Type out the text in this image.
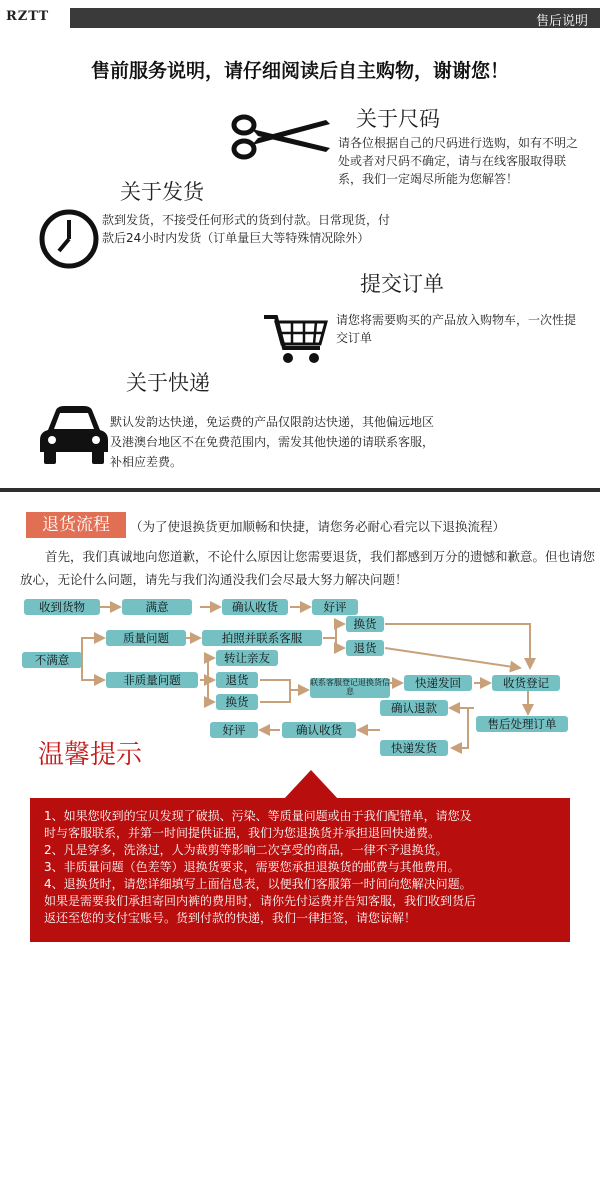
RZTT	售后说明
售前服务说明，请仔细阅读后自主购物，谢谢您！
关于尺码
请各位根据自己的尺码进行选购，如有不明之处或者对尺码不确定，请与在线客服取得联系，我们一定竭尽所能为您解答！
关于发货
款到发货，不接受任何形式的货到付款。日常现货，付款后24小时内发货（订单量巨大等特殊情况除外）
提交订单
请您将需要购买的产品放入购物车，一次性提交订单
关于快递
默认发韵达快递，免运费的产品仅限韵达快递，其他偏远地区及港澳台地区不在免费范围内，需发其他快递的请联系客服，补相应差费。
退货流程	（为了使退换货更加顺畅和快捷，请您务必耐心看完以下退换流程）
首先，我们真诚地向您道歉，不论什么原因让您需要退货，我们都感到万分的遗憾和歉意。但也请您放心，无论什么问题，请先与我们沟通没我们会尽最大努力解决问题！
收到货物	满意	确认收货	好评
不满意
质量问题	拍照并联系客服
换货
退货
非质量问题
转让亲友
退货
换货
联系客服登记退换货信息
快递发回	收货登记
确认退款
售后处理订单
好评	确认收货
快递发货
温馨提示
1、如果您收到的宝贝发现了破损、污染、等质量问题或由于我们配错单，请您及
时与客服联系，并第一时间提供证据，我们为您退换货并承担退回快递费。
2、凡是穿多，洗涤过，人为裁剪等影响二次享受的商品，一律不予退换货。
3、非质量问题（色差等）退换货要求，需要您承担退换货的邮费与其他费用。
4、退换货时，请您详细填写上面信息表，以便我们客服第一时间向您解决问题。
如果是需要我们承担寄回内裤的费用时，请你先付运费并告知客服，我们收到货后
返还至您的支付宝账号。货到付款的快递，我们一律拒签，请您谅解！
